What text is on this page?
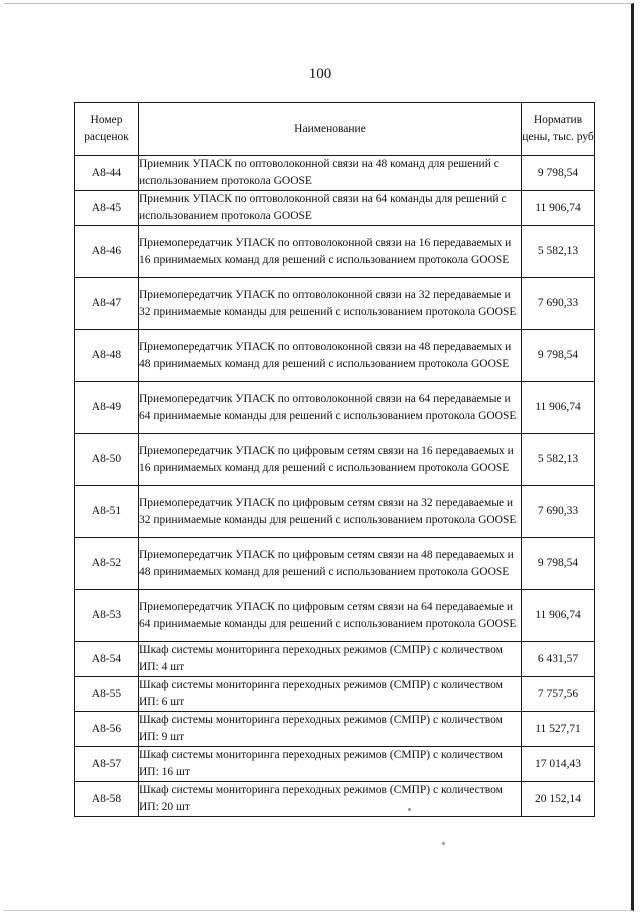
100
Номер расценок	Наименование	Норматив цены, тыс. руб
А8-44	Приемник УПАСК по оптоволоконной связи на 48 команд для решений с использованием протокола GOOSE	9 798,54
А8-45	Приемник УПАСК по оптоволоконной связи на 64 команды для решений с использованием протокола GOOSE	11 906,74
А8-46	Приемопередатчик УПАСК по оптоволоконной связи на 16 передаваемых и 16 принимаемых команд для решений с использованием протокола GOOSE	5 582,13
А8-47	Приемопередатчик УПАСК по оптоволоконной связи на 32 передаваемые и 32 принимаемые команды для решений с использованием протокола GOOSE	7 690,33
А8-48	Приемопередатчик УПАСК по оптоволоконной связи на 48 передаваемых и 48 принимаемых команд для решений с использованием протокола GOOSE	9 798,54
А8-49	Приемопередатчик УПАСК по оптоволоконной связи на 64 передаваемые и 64 принимаемые команды для решений с использованием протокола GOOSE	11 906,74
А8-50	Приемопередатчик УПАСК по цифровым сетям связи на 16 передаваемых и 16 принимаемых команд для решений с использованием протокола GOOSE	5 582,13
А8-51	Приемопередатчик УПАСК по цифровым сетям связи на 32 передаваемые и 32 принимаемые команды для решений с использованием протокола GOOSE	7 690,33
А8-52	Приемопередатчик УПАСК по цифровым сетям связи на 48 передаваемых и 48 принимаемых команд для решений с использованием протокола GOOSE	9 798,54
А8-53	Приемопередатчик УПАСК по цифровым сетям связи на 64 передаваемые и 64 принимаемые команды для решений с использованием протокола GOOSE	11 906,74
А8-54	Шкаф системы мониторинга переходных режимов (СМПР) с количеством ИП: 4 шт	6 431,57
А8-55	Шкаф системы мониторинга переходных режимов (СМПР) с количеством ИП: 6 шт	7 757,56
А8-56	Шкаф системы мониторинга переходных режимов (СМПР) с количеством ИП: 9 шт	11 527,71
А8-57	Шкаф системы мониторинга переходных режимов (СМПР) с количеством ИП: 16 шт	17 014,43
А8-58	Шкаф системы мониторинга переходных режимов (СМПР) с количеством ИП: 20 шт	20 152,14
